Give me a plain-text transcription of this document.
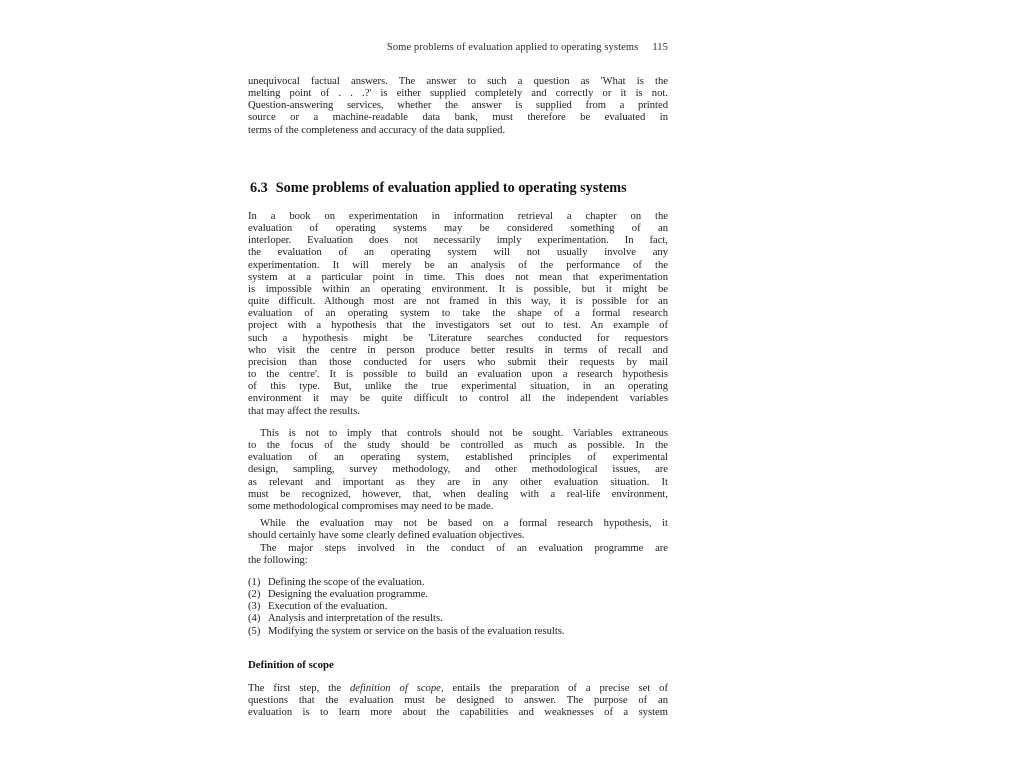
Some problems of evaluation applied to operating systems 115
unequivocal factual answers. The answer to such a question as 'What is the
melting point of . . .?' is either supplied completely and correctly or it is not.
Question-answering services, whether the answer is supplied from a printed
source or a machine-readable data bank, must therefore be evaluated in
terms of the completeness and accuracy of the data supplied.
6.3 Some problems of evaluation applied to operating systems
In a book on experimentation in information retrieval a chapter on the
evaluation of operating systems may be considered something of an
interloper. Evaluation does not necessarily imply experimentation. In fact,
the evaluation of an operating system will not usually involve any
experimentation. It will merely be an analysis of the performance of the
system at a particular point in time. This does not mean that experimentation
is impossible within an operating environment. It is possible, but it might be
quite difficult. Although most are not framed in this way, it is possible for an
evaluation of an operating system to take the shape of a formal research
project with a hypothesis that the investigators set out to test. An example of
such a hypothesis might be 'Literature searches conducted for requestors
who visit the centre in person produce better results in terms of recall and
precision than those conducted for users who submit their requests by mail
to the centre'. It is possible to build an evaluation upon a research hypothesis
of this type. But, unlike the true experimental situation, in an operating
environment it may be quite difficult to control all the independent variables
that may affect the results.
This is not to imply that controls should not be sought. Variables extraneous
to the focus of the study should be controlled as much as possible. In the
evaluation of an operating system, established principles of experimental
design, sampling, survey methodology, and other methodological issues, are
as relevant and important as they are in any other evaluation situation. It
must be recognized, however, that, when dealing with a real-life environment,
some methodological compromises may need to be made.
While the evaluation may not be based on a formal research hypothesis, it
should certainly have some clearly defined evaluation objectives.
The major steps involved in the conduct of an evaluation programme are
the following:
(1) Defining the scope of the evaluation.
(2) Designing the evaluation programme.
(3) Execution of the evaluation.
(4) Analysis and interpretation of the results.
(5) Modifying the system or service on the basis of the evaluation results.
Definition of scope
The first step, the definition of scope, entails the preparation of a precise set of
questions that the evaluation must be designed to answer. The purpose of an
evaluation is to learn more about the capabilities and weaknesses of a system
